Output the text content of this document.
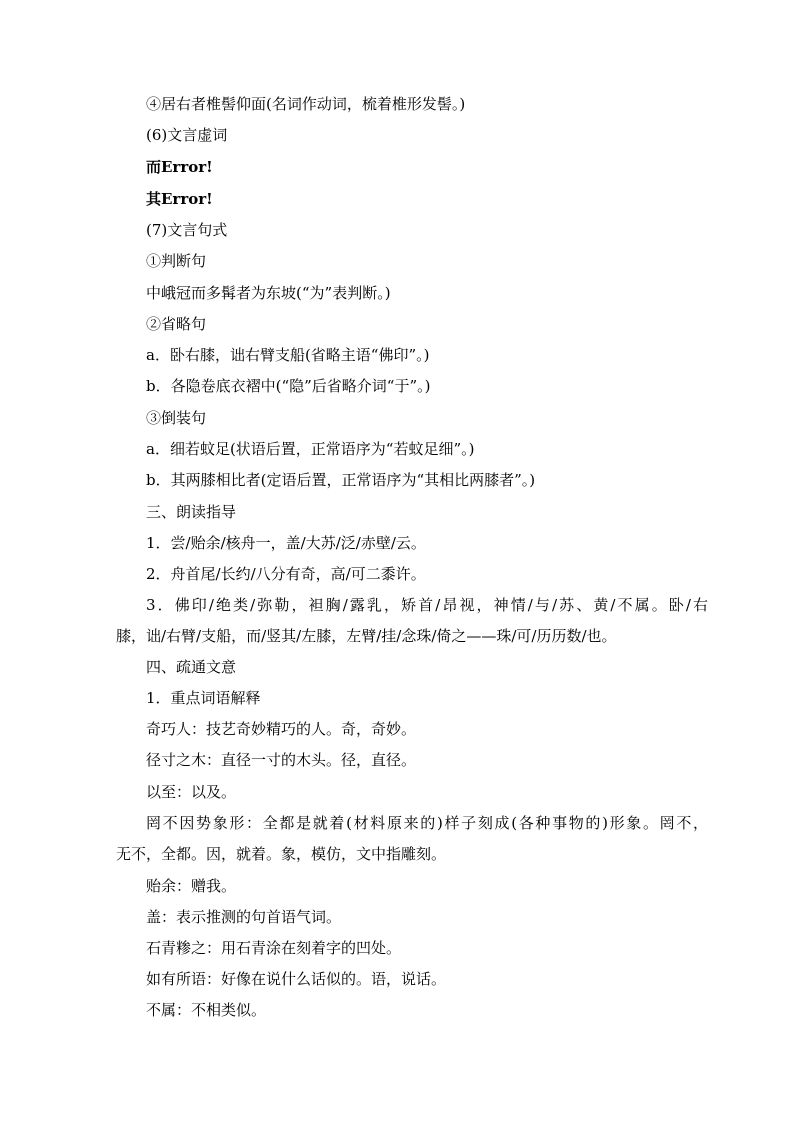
④居右者椎髻仰面(名词作动词，梳着椎形发髻。)
(6)文言虚词
而Error!
其Error!
(7)文言句式
①判断句
中峨冠而多髯者为东坡(“为”表判断。)
②省略句
a．卧右膝，诎右臂支船(省略主语“佛印”。)
b．各隐卷底衣褶中(“隐”后省略介词“于”。)
③倒装句
a．细若蚊足(状语后置，正常语序为“若蚊足细”。)
b．其两膝相比者(定语后置，正常语序为“其相比两膝者”。)
三、朗读指导
1．尝/贻余/核舟一，盖/大苏/泛/赤壁/云。
2．舟首尾/长约/八分有奇，高/可二黍许。
3．佛印/绝类/弥勒，袒胸/露乳，矫首/昂视，神情/与/苏、黄/不属。卧/右
膝，诎/右臂/支船，而/竖其/左膝，左臂/挂/念珠/倚之——珠/可/历历数/也。
四、疏通文意
1．重点词语解释
奇巧人：技艺奇妙精巧的人。奇，奇妙。
径寸之木：直径一寸的木头。径，直径。
以至：以及。
罔不因势象形：全都是就着(材料原来的)样子刻成(各种事物的)形象。罔不，
无不，全都。因，就着。象，模仿，文中指雕刻。
贻余：赠我。
盖：表示推测的句首语气词。
石青糁之：用石青涂在刻着字的凹处。
如有所语：好像在说什么话似的。语，说话。
不属：不相类似。
